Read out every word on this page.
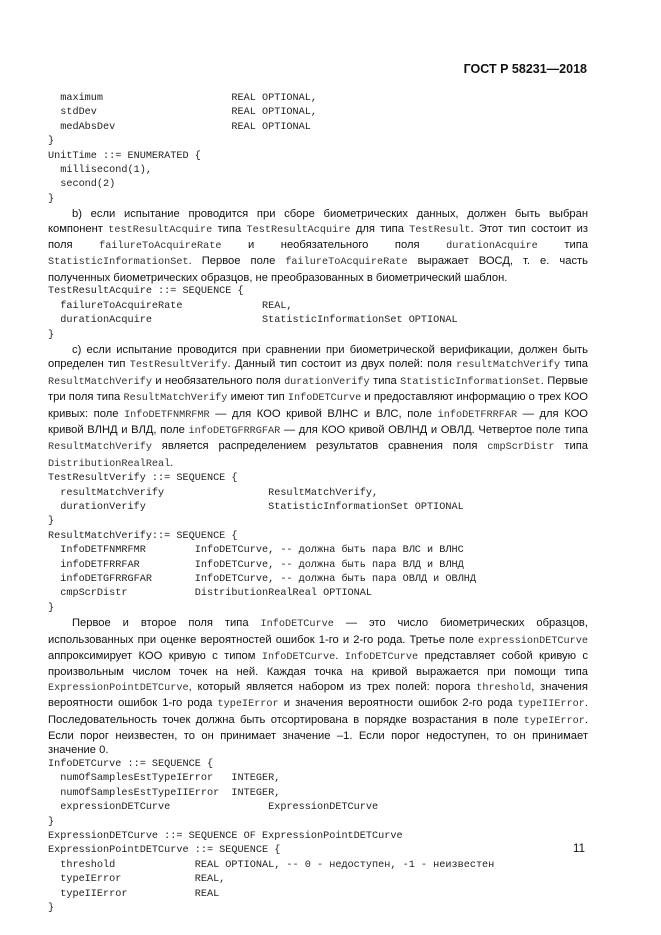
ГОСТ Р 58231—2018
maximum                     REAL OPTIONAL,
stdDev                      REAL OPTIONAL,
medAbsDev                   REAL OPTIONAL
}
UnitTime ::= ENUMERATED {
millisecond(1),
second(2)
}

b) если испытание проводится при сборе биометрических данных, должен быть выбран компонент testResultAcquire типа TestResultAcquire для типа TestResult. Этот тип состоит из поля failureToAcquireRate и необязательного поля durationAcquire типа StatisticInformationSet. Первое поле failureToAcquireRate выражает ВОСД, т. е. часть полученных биометрических образцов, не преобразованных в биометрический шаблон.

TestResultAcquire ::= SEQUENCE {
failureToAcquireRate             REAL,
durationAcquire                  StatisticInformationSet OPTIONAL
}

c) если испытание проводится при сравнении при биометрической верификации, должен быть определен тип TestResultVerify. Данный тип состоит из двух полей: поля resultMatchVerify типа ResultMatchVerify и необязательного поля durationVerify типа StatisticInformationSet. Первые три поля типа ResultMatchVerify имеют тип InfoDETCurve и предоставляют информацию о трех КОО кривых: поле InfoDETFNMRFMR — для КОО кривой ВЛНС и ВЛС, поле infoDETFRRFAR — для КОО кривой ВЛНД и ВЛД, поле infoDETGFRRGFAR — для КОО кривой ОВЛНД и ОВЛД. Четвертое поле типа ResultMatchVerify является распределением результатов сравнения поля cmpScrDistr типа DistributionRealReal.

TestResultVerify ::= SEQUENCE {
resultMatchVerify                 ResultMatchVerify,
durationVerify                    StatisticInformationSet OPTIONAL
}
ResultMatchVerify::= SEQUENCE {
InfoDETFNMRFMR        InfoDETCurve, -- должна быть пара ВЛС и ВЛНС
infoDETFRRFAR         InfoDETCurve, -- должна быть пара ВЛД и ВЛНД
infoDETGFRRGFAR       InfoDETCurve, -- должна быть пара ОВЛД и ОВЛНД
cmpScrDistr           DistributionRealReal OPTIONAL
}

Первое и второе поля типа InfoDETCurve — это число биометрических образцов, использованных при оценке вероятностей ошибок 1-го и 2-го рода. Третье поле expressionDETCurve аппроксимирует КОО кривую с типом InfoDETCurve. InfoDETCurve представляет собой кривую с произвольным числом точек на ней. Каждая точка на кривой выражается при помощи типа ExpressionPointDETCurve, который является набором из трех полей: порога threshold, значения вероятности ошибок 1-го рода typeIError и значения вероятности ошибок 2-го рода typeIIError. Последовательность точек должна быть отсортирована в порядке возрастания в поле typeIError. Если порог неизвестен, то он принимает значение –1. Если порог недоступен, то он принимает значение 0.

InfoDETCurve ::= SEQUENCE {
numOfSamplesEstTypeIError   INTEGER,
numOfSamplesEstTypeIIError  INTEGER,
expressionDETCurve                ExpressionDETCurve
}
ExpressionDETCurve ::= SEQUENCE OF ExpressionPointDETCurve
ExpressionPointDETCurve ::= SEQUENCE {
threshold             REAL OPTIONAL, -- 0 - недоступен, -1 - неизвестен
typeIError            REAL,
typeIIError           REAL
}
11
